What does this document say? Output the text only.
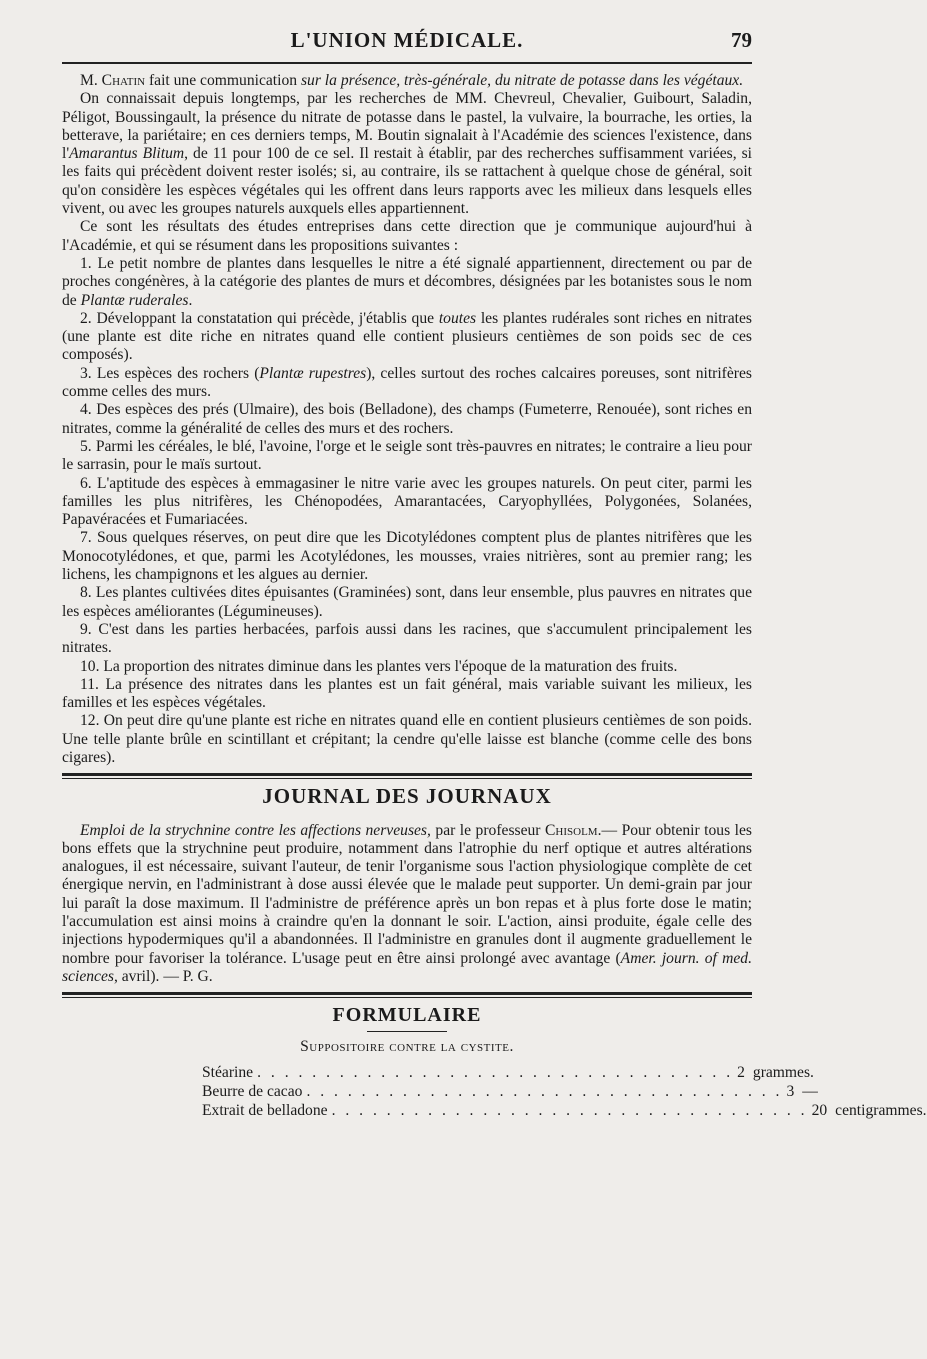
L'UNION MÉDICALE.	79

M. Chatin fait une communication sur la présence, très-générale, du nitrate de potasse dans les végétaux.

On connaissait depuis longtemps, par les recherches de MM. Chevreul, Chevalier, Guibourt, Saladin, Péligot, Boussingault, la présence du nitrate de potasse dans le pastel, la vulvaire, la bourrache, les orties, la betterave, la pariétaire; en ces derniers temps, M. Boutin signalait à l'Académie des sciences l'existence, dans l'Amarantus Blitum, de 11 pour 100 de ce sel. Il restait à établir, par des recherches suffisamment variées, si les faits qui précèdent doivent rester isolés; si, au contraire, ils se rattachent à quelque chose de général, soit qu'on considère les espèces végétales qui les offrent dans leurs rapports avec les milieux dans lesquels elles vivent, ou avec les groupes naturels auxquels elles appartiennent.

Ce sont les résultats des études entreprises dans cette direction que je communique aujourd'hui à l'Académie, et qui se résument dans les propositions suivantes :

1. Le petit nombre de plantes dans lesquelles le nitre a été signalé appartiennent, directement ou par de proches congénères, à la catégorie des plantes de murs et décombres, désignées par les botanistes sous le nom de Plantæ ruderales.

2. Développant la constatation qui précède, j'établis que toutes les plantes rudérales sont riches en nitrates (une plante est dite riche en nitrates quand elle contient plusieurs centièmes de son poids sec de ces composés).

3. Les espèces des rochers (Plantæ rupestres), celles surtout des roches calcaires poreuses, sont nitrifères comme celles des murs.

4. Des espèces des prés (Ulmaire), des bois (Belladone), des champs (Fumeterre, Renouée), sont riches en nitrates, comme la généralité de celles des murs et des rochers.

5. Parmi les céréales, le blé, l'avoine, l'orge et le seigle sont très-pauvres en nitrates; le contraire a lieu pour le sarrasin, pour le maïs surtout.

6. L'aptitude des espèces à emmagasiner le nitre varie avec les groupes naturels. On peut citer, parmi les familles les plus nitrifères, les Chénopodées, Amarantacées, Caryophyllées, Polygonées, Solanées, Papavéracées et Fumariacées.

7. Sous quelques réserves, on peut dire que les Dicotylédones comptent plus de plantes nitrifères que les Monocotylédones, et que, parmi les Acotylédones, les mousses, vraies nitrières, sont au premier rang; les lichens, les champignons et les algues au dernier.

8. Les plantes cultivées dites épuisantes (Graminées) sont, dans leur ensemble, plus pauvres en nitrates que les espèces améliorantes (Légumineuses).

9. C'est dans les parties herbacées, parfois aussi dans les racines, que s'accumulent principalement les nitrates.

10. La proportion des nitrates diminue dans les plantes vers l'époque de la maturation des fruits.

11. La présence des nitrates dans les plantes est un fait général, mais variable suivant les milieux, les familles et les espèces végétales.

12. On peut dire qu'une plante est riche en nitrates quand elle en contient plusieurs centièmes de son poids. Une telle plante brûle en scintillant et crépitant; la cendre qu'elle laisse est blanche (comme celle des bons cigares).

JOURNAL DES JOURNAUX

Emploi de la strychnine contre les affections nerveuses, par le professeur Chisolm.— Pour obtenir tous les bons effets que la strychnine peut produire, notamment dans l'atrophie du nerf optique et autres altérations analogues, il est nécessaire, suivant l'auteur, de tenir l'organisme sous l'action physiologique complète de cet énergique nervin, en l'administrant à dose aussi élevée que le malade peut supporter. Un demi-grain par jour lui paraît la dose maximum. Il l'administre de préférence après un bon repas et à plus forte dose le matin; l'accumulation est ainsi moins à craindre qu'en la donnant le soir. L'action, ainsi produite, égale celle des injections hypodermiques qu'il a abandonnées. Il l'administre en granules dont il augmente graduellement le nombre pour favoriser la tolérance. L'usage peut en être ainsi prolongé avec avantage (Amer. journ. of med. sciences, avril). — P. G.

FORMULAIRE
Suppositoire contre la cystite.
Stéarine . . . . . . . . . . . . . . . . . . . . . . . . . . . . . . . . . . . 2 grammes.
Beurre de cacao . . . . . . . . . . . . . . . . . . . . . . . . . . . . . . . . . . . 3 —
Extrait de belladone . . . . . . . . . . . . . . . . . . . . . . . . . . . . . . . . . . . 20 centigrammes.
